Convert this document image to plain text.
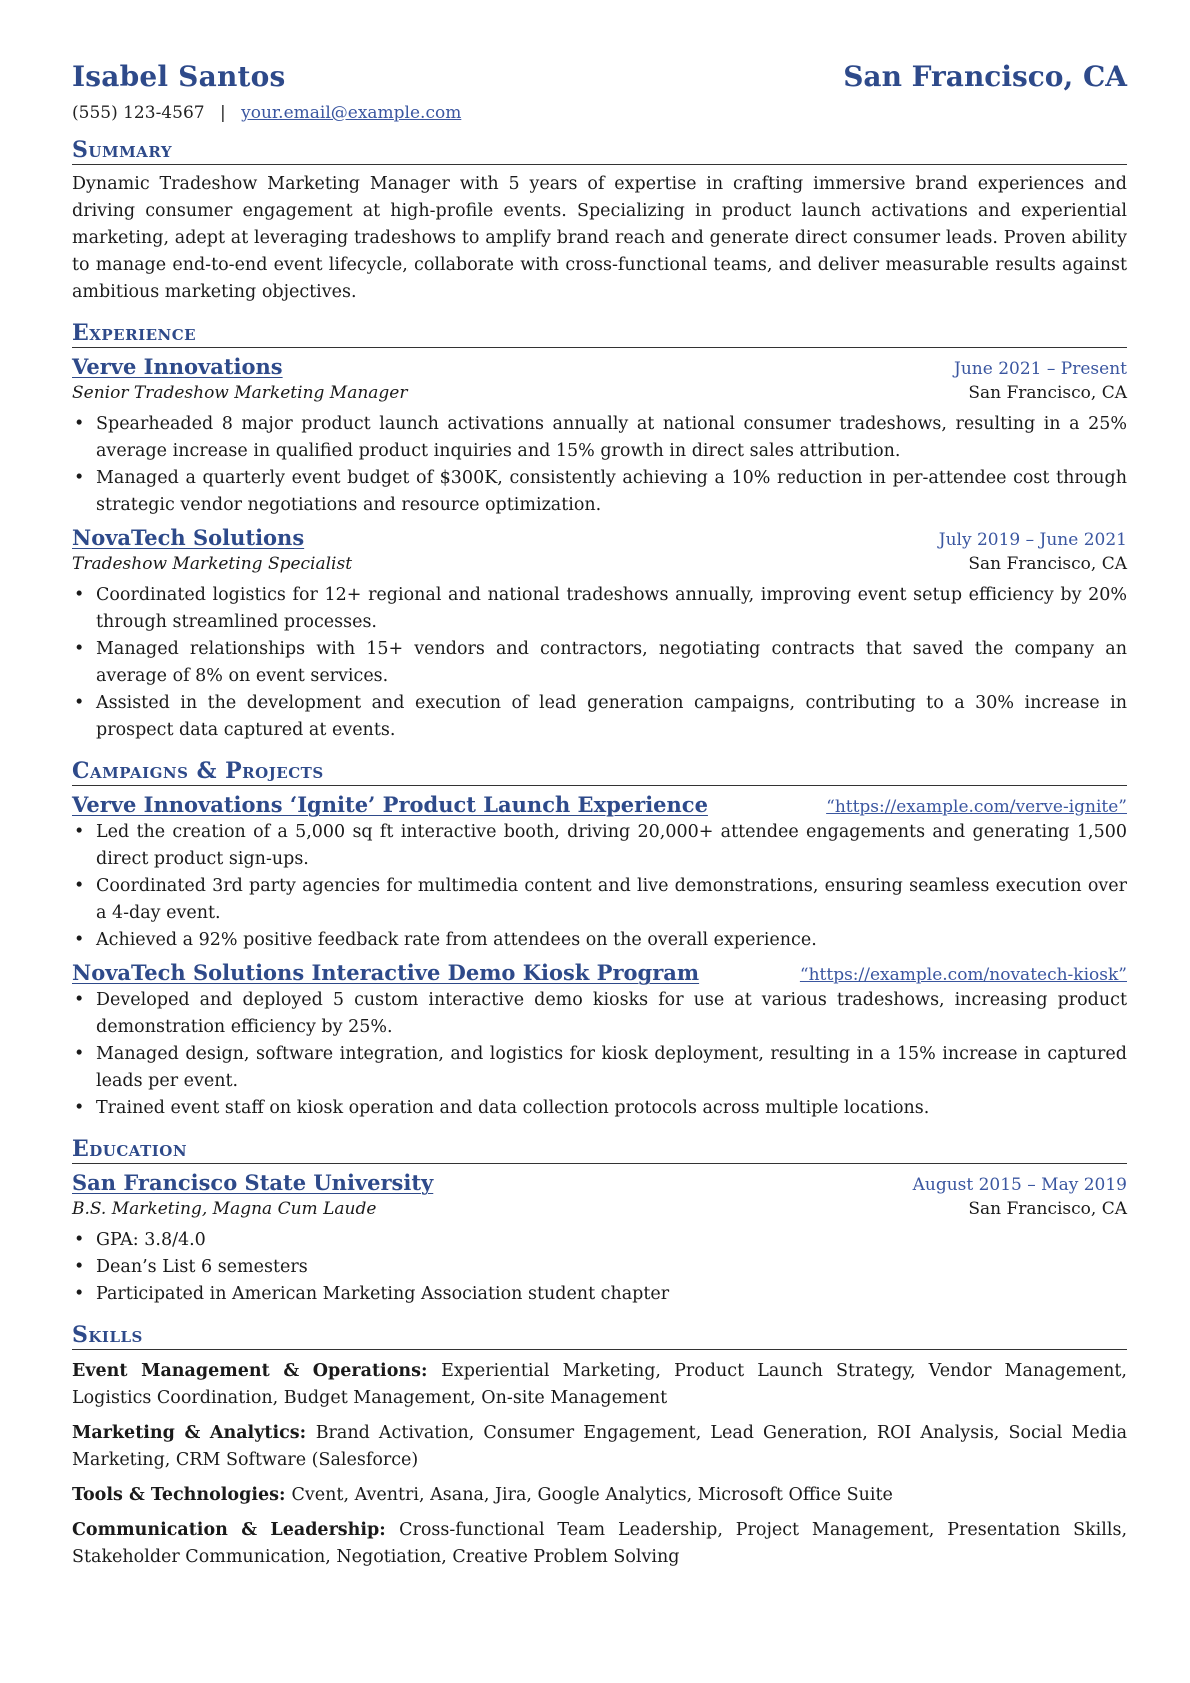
Isabel Santos	San Francisco, CA
(555) 123-4567 | your.email@example.com
Summary
Dynamic Tradeshow Marketing Manager with 5 years of expertise in crafting immersive brand experiences and driving consumer engagement at high-profile events. Specializing in product launch activations and experiential marketing, adept at leveraging tradeshows to amplify brand reach and generate direct consumer leads. Proven ability to manage end-to-end event lifecycle, collaborate with cross-functional teams, and deliver measurable results against ambitious marketing objectives.
Experience
Verve Innovations	June 2021 – Present
Senior Tradeshow Marketing Manager	San Francisco, CA
• Spearheaded 8 major product launch activations annually at national consumer tradeshows, resulting in a 25% average increase in qualified product inquiries and 15% growth in direct sales attribution.
• Managed a quarterly event budget of $300K, consistently achieving a 10% reduction in per-attendee cost through strategic vendor negotiations and resource optimization.
NovaTech Solutions	July 2019 – June 2021
Tradeshow Marketing Specialist	San Francisco, CA
• Coordinated logistics for 12+ regional and national tradeshows annually, improving event setup efficiency by 20% through streamlined processes.
• Managed relationships with 15+ vendors and contractors, negotiating contracts that saved the company an average of 8% on event services.
• Assisted in the development and execution of lead generation campaigns, contributing to a 30% increase in prospect data captured at events.
Campaigns & Projects
Verve Innovations ‘Ignite’ Product Launch Experience	“https://example.com/verve-ignite”
• Led the creation of a 5,000 sq ft interactive booth, driving 20,000+ attendee engagements and generating 1,500 direct product sign-ups.
• Coordinated 3rd party agencies for multimedia content and live demonstrations, ensuring seamless execution over a 4-day event.
• Achieved a 92% positive feedback rate from attendees on the overall experience.
NovaTech Solutions Interactive Demo Kiosk Program	“https://example.com/novatech-kiosk”
• Developed and deployed 5 custom interactive demo kiosks for use at various tradeshows, increasing product demonstration efficiency by 25%.
• Managed design, software integration, and logistics for kiosk deployment, resulting in a 15% increase in captured leads per event.
• Trained event staff on kiosk operation and data collection protocols across multiple locations.
Education
San Francisco State University	August 2015 – May 2019
B.S. Marketing, Magna Cum Laude	San Francisco, CA
• GPA: 3.8/4.0
• Dean’s List 6 semesters
• Participated in American Marketing Association student chapter
Skills
Event Management & Operations: Experiential Marketing, Product Launch Strategy, Vendor Management, Logistics Coordination, Budget Management, On-site Management
Marketing & Analytics: Brand Activation, Consumer Engagement, Lead Generation, ROI Analysis, Social Media Marketing, CRM Software (Salesforce)
Tools & Technologies: Cvent, Aventri, Asana, Jira, Google Analytics, Microsoft Office Suite
Communication & Leadership: Cross-functional Team Leadership, Project Management, Presentation Skills, Stakeholder Communication, Negotiation, Creative Problem Solving
